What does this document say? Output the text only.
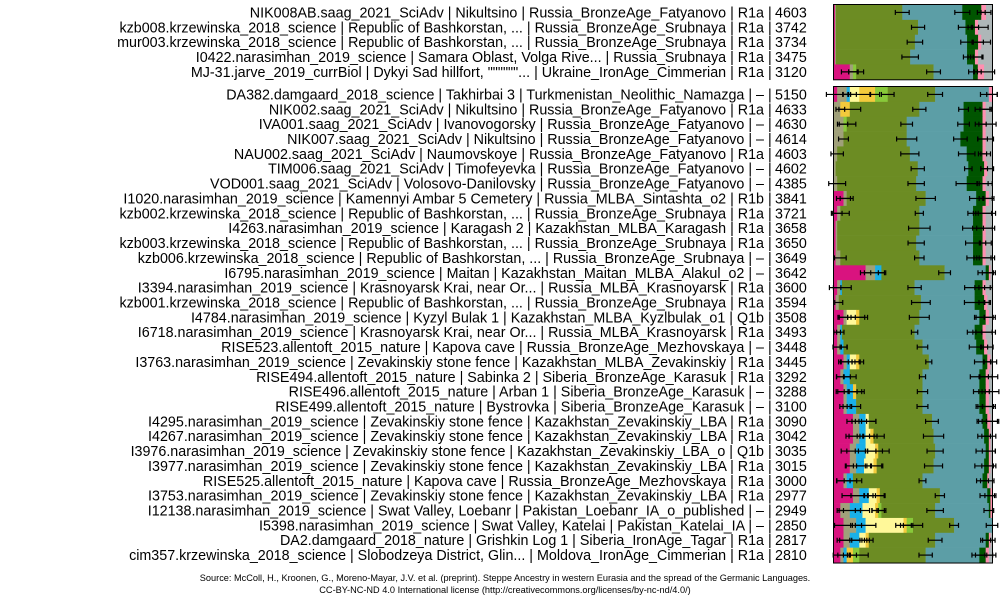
NIK008AB.saag_2021_SciAdv | Nikultsino | Russia_BronzeAge_Fatyanovo | R1a | 4603
kzb008.krzewinska_2018_science | Republic of Bashkorstan, ... | Russia_BronzeAge_Srubnaya | R1a | 3742
mur003.krzewinska_2018_science | Republic of Bashkorstan, ... | Russia_BronzeAge_Srubnaya | R1a | 3734
I0422.narasimhan_2019_science | Samara Oblast, Volga Rive... | Russia_Srubnaya | R1a | 3475
MJ-31.jarve_2019_currBiol | Dykyi Sad hillfort, """"""... | Ukraine_IronAge_Cimmerian | R1a | 3120
DA382.damgaard_2018_science | Takhirbai 3 | Turkmenistan_Neolithic_Namazga | – | 5150
NIK002.saag_2021_SciAdv | Nikultsino | Russia_BronzeAge_Fatyanovo | R1a | 4633
IVA001.saag_2021_SciAdv | Ivanovogorsky | Russia_BronzeAge_Fatyanovo | – | 4630
NIK007.saag_2021_SciAdv | Nikultsino | Russia_BronzeAge_Fatyanovo | – | 4614
NAU002.saag_2021_SciAdv | Naumovskoye | Russia_BronzeAge_Fatyanovo | R1a | 4603
TIM006.saag_2021_SciAdv | Timofeyevka | Russia_BronzeAge_Fatyanovo | – | 4602
VOD001.saag_2021_SciAdv | Volosovo-Danilovsky | Russia_BronzeAge_Fatyanovo | – | 4385
I1020.narasimhan_2019_science | Kamennyi Ambar 5 Cemetery | Russia_MLBA_Sintashta_o2 | R1b | 3841
kzb002.krzewinska_2018_science | Republic of Bashkorstan, ... | Russia_BronzeAge_Srubnaya | R1a | 3721
I4263.narasimhan_2019_science | Karagash 2 | Kazakhstan_MLBA_Karagash | R1a | 3658
kzb003.krzewinska_2018_science | Republic of Bashkorstan, ... | Russia_BronzeAge_Srubnaya | R1a | 3650
kzb006.krzewinska_2018_science | Republic of Bashkorstan, ... | Russia_BronzeAge_Srubnaya | – | 3649
I6795.narasimhan_2019_science | Maitan | Kazakhstan_Maitan_MLBA_Alakul_o2 | – | 3642
I3394.narasimhan_2019_science | Krasnoyarsk Krai, near Or... | Russia_MLBA_Krasnoyarsk | R1a | 3600
kzb001.krzewinska_2018_science | Republic of Bashkorstan, ... | Russia_BronzeAge_Srubnaya | R1a | 3594
I4784.narasimhan_2019_science | Kyzyl Bulak 1 | Kazakhstan_MLBA_Kyzlbulak_o1 | Q1b | 3508
I6718.narasimhan_2019_science | Krasnoyarsk Krai, near Or... | Russia_MLBA_Krasnoyarsk | R1a | 3493
RISE523.allentoft_2015_nature | Kapova cave | Russia_BronzeAge_Mezhovskaya | – | 3448
I3763.narasimhan_2019_science | Zevakinskiy stone fence | Kazakhstan_MLBA_Zevakinskiy | R1a | 3445
RISE494.allentoft_2015_nature | Sabinka 2 | Siberia_BronzeAge_Karasuk | R1a | 3292
RISE496.allentoft_2015_nature | Arban 1 | Siberia_BronzeAge_Karasuk | – | 3288
RISE499.allentoft_2015_nature | Bystrovka | Siberia_BronzeAge_Karasuk | – | 3100
I4295.narasimhan_2019_science | Zevakinskiy stone fence | Kazakhstan_Zevakinskiy_LBA | R1a | 3090
I4267.narasimhan_2019_science | Zevakinskiy stone fence | Kazakhstan_Zevakinskiy_LBA | R1a | 3042
I3976.narasimhan_2019_science | Zevakinskiy stone fence | Kazakhstan_Zevakinskiy_LBA_o | Q1b | 3035
I3977.narasimhan_2019_science | Zevakinskiy stone fence | Kazakhstan_Zevakinskiy_LBA | R1a | 3015
RISE525.allentoft_2015_nature | Kapova cave | Russia_BronzeAge_Mezhovskaya | R1a | 3000
I3753.narasimhan_2019_science | Zevakinskiy stone fence | Kazakhstan_Zevakinskiy_LBA | R1a | 2977
I12138.narasimhan_2019_science | Swat Valley, Loebanr | Pakistan_Loebanr_IA_o_published | – | 2949
I5398.narasimhan_2019_science | Swat Valley, Katelai | Pakistan_Katelai_IA | – | 2850
DA2.damgaard_2018_nature | Grishkin Log 1 | Siberia_IronAge_Tagar | R1a | 2817
cim357.krzewinska_2018_science | Slobodzeya District, Glin... | Moldova_IronAge_Cimmerian | R1a | 2810
Source: McColl, H., Kroonen, G., Moreno-Mayar, J.V. et al. (preprint). Steppe Ancestry in western Eurasia and the spread of the Germanic Languages.
CC-BY-NC-ND 4.0 International license (http://creativecommons.org/licenses/by-nc-nd/4.0/)
